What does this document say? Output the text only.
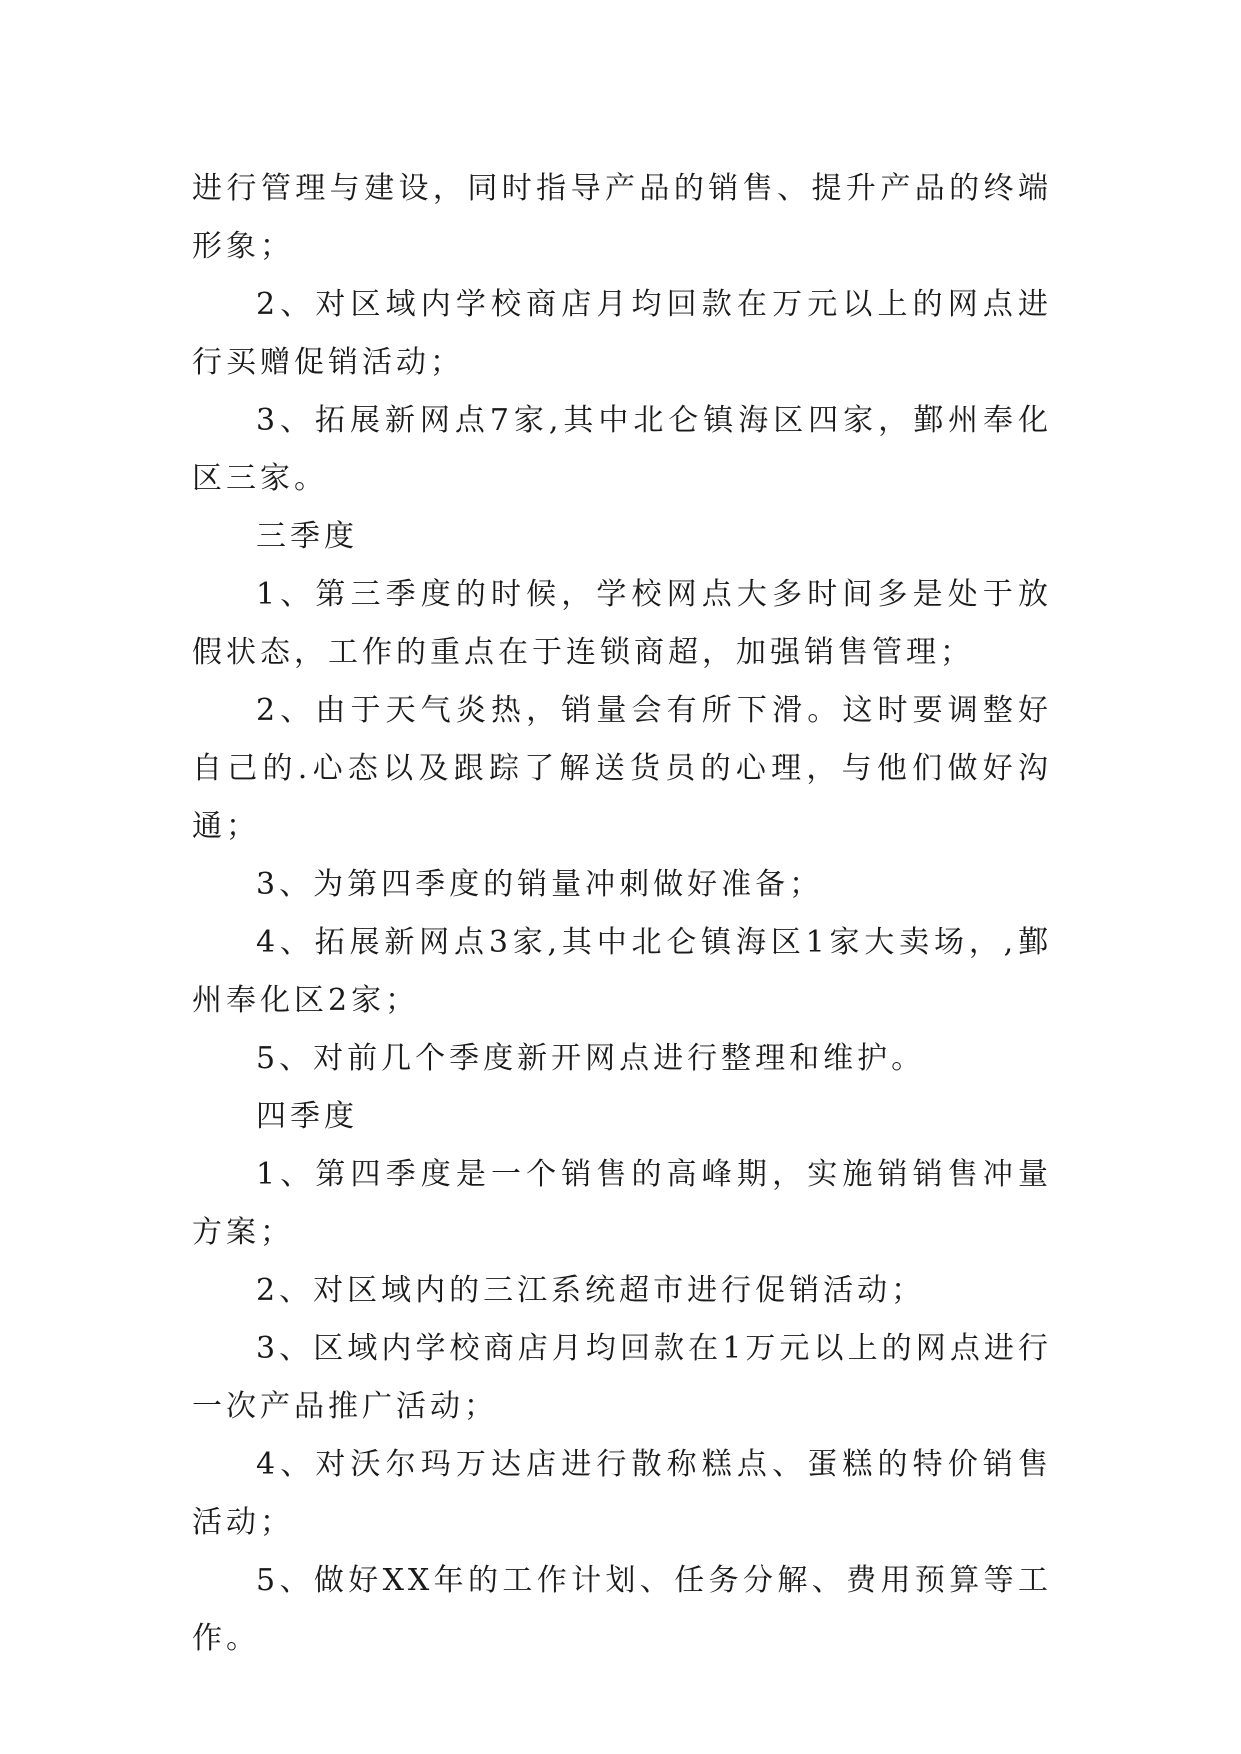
进行管理与建设，同时指导产品的销售、提升产品的终端形象；

2、对区域内学校商店月均回款在万元以上的网点进行买赠促销活动；

3、拓展新网点7家,其中北仑镇海区四家，鄞州奉化区三家。

三季度

1、第三季度的时候，学校网点大多时间多是处于放假状态，工作的重点在于连锁商超，加强销售管理；

2、由于天气炎热，销量会有所下滑。这时要调整好自己的.心态以及跟踪了解送货员的心理，与他们做好沟通；

3、为第四季度的销量冲刺做好准备；

4、拓展新网点3家,其中北仑镇海区1家大卖场，,鄞州奉化区2家；

5、对前几个季度新开网点进行整理和维护。

四季度

1、第四季度是一个销售的高峰期，实施销销售冲量方案；

2、对区域内的三江系统超市进行促销活动；

3、区域内学校商店月均回款在1万元以上的网点进行一次产品推广活动；

4、对沃尔玛万达店进行散称糕点、蛋糕的特价销售活动；

5、做好XX年的工作计划、任务分解、费用预算等工作。
